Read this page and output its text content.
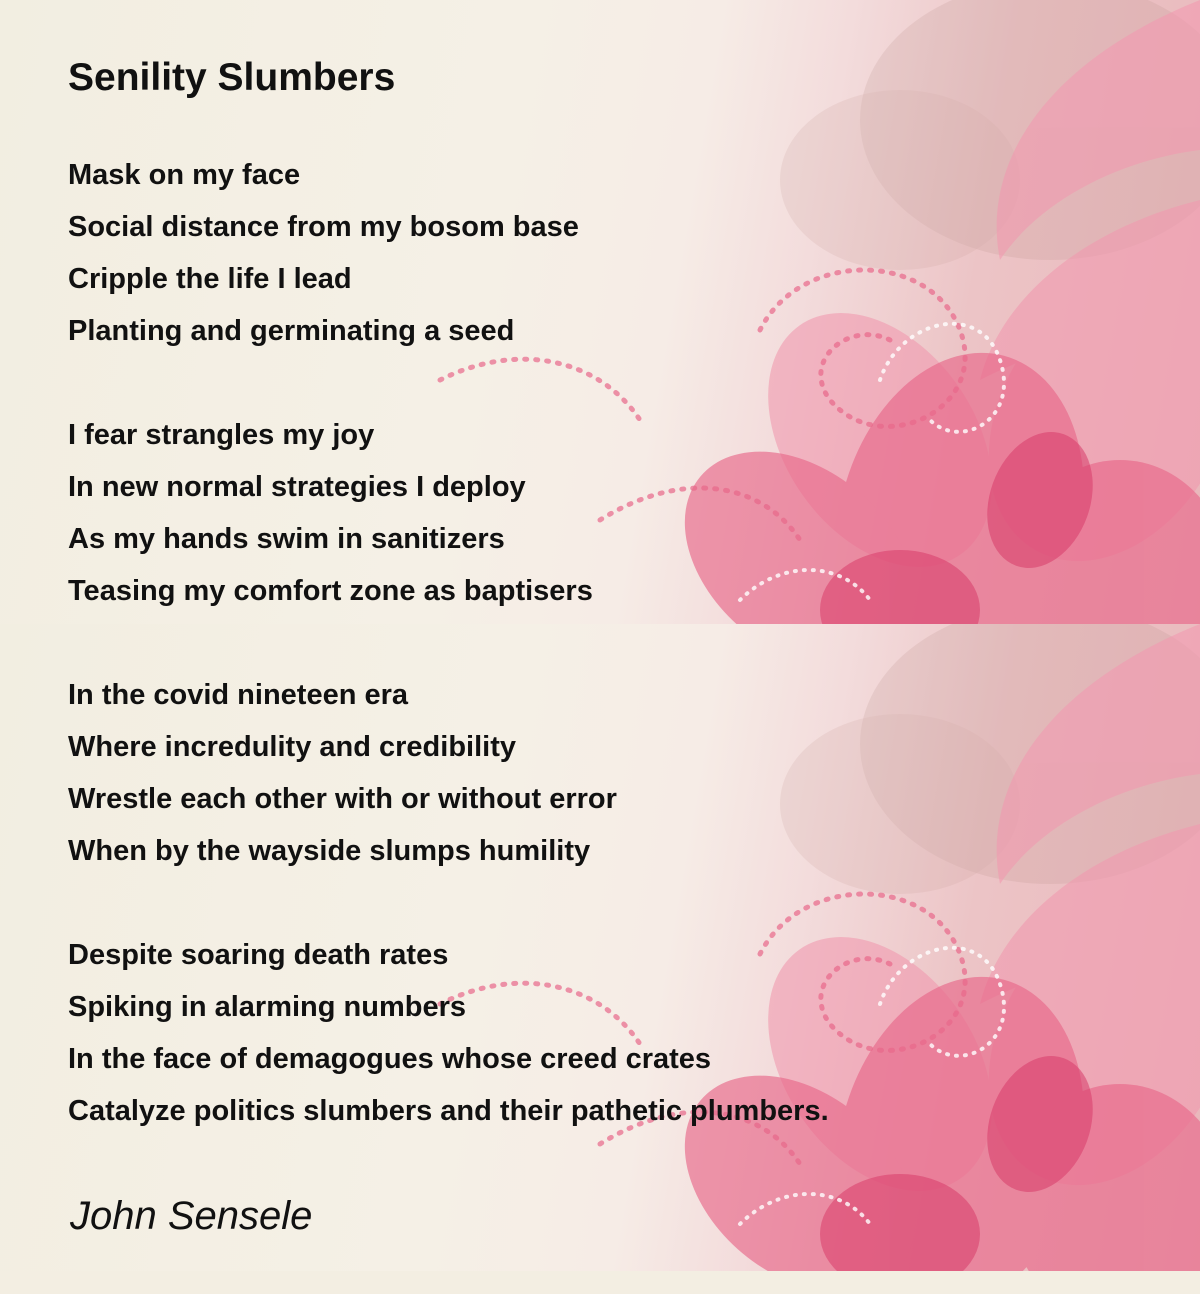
Senility Slumbers
Mask on my face
Social distance from my bosom base
Cripple the life I lead
Planting and germinating a seed
I fear strangles my joy
In new normal strategies I deploy
As my hands swim in sanitizers
Teasing my comfort zone as baptisers
In the covid nineteen era
Where incredulity and credibility
Wrestle each other with or without error
When by the wayside slumps humility
Despite soaring death rates
Spiking in alarming numbers
In the face of demagogues whose creed crates
Catalyze politics slumbers and their pathetic plumbers.

John Sensele
